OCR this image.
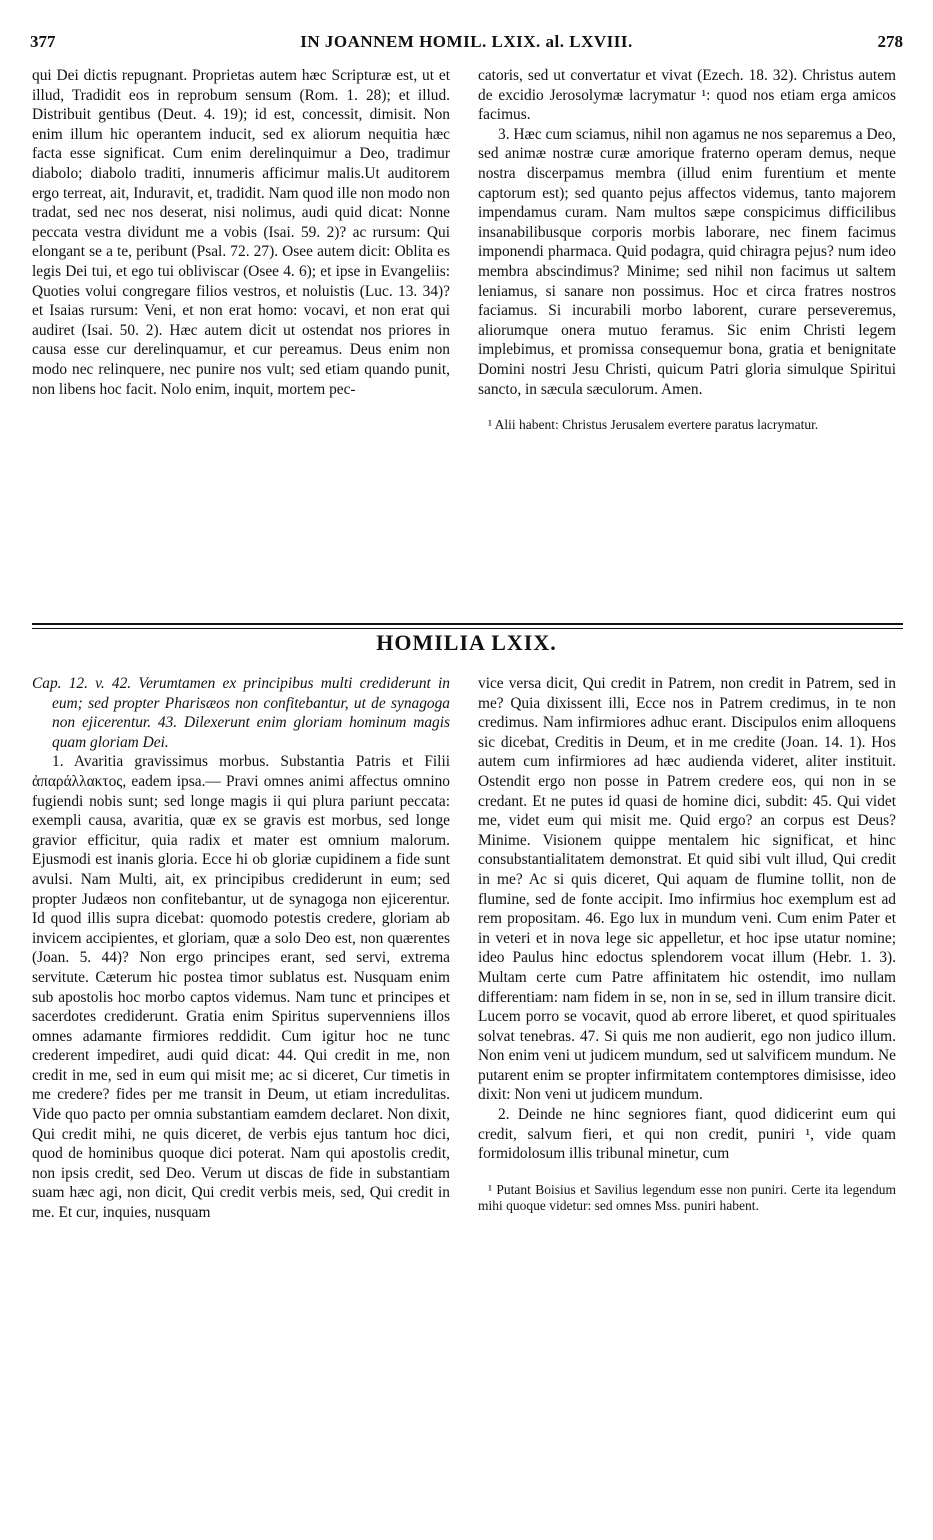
377	IN JOANNEM HOMIL. LXIX. al. LXVIII.	278

qui Dei dictis repugnant. Proprietas autem hæc Scripturæ est, ut et illud, Tradidit eos in reprobum sensum (Rom. 1. 28); et illud. Distribuit gentibus (Deut. 4. 19); id est, concessit, dimisit. Non enim illum hic operantem inducit, sed ex aliorum nequitia hæc facta esse significat. Cum enim derelinquimur a Deo, tradimur diabolo; diabolo traditi, innumeris afficimur malis.Ut auditorem ergo terreat, ait, Induravit, et, tradidit. Nam quod ille non modo non tradat, sed nec nos deserat, nisi nolimus, audi quid dicat: Nonne peccata vestra dividunt me a vobis (Isai. 59. 2)? ac rursum: Qui elongant se a te, peribunt (Psal. 72. 27). Osee autem dicit: Oblita es legis Dei tui, et ego tui obliviscar (Osee 4. 6); et ipse in Evangeliis: Quoties volui congregare filios vestros, et noluistis (Luc. 13. 34)? et Isaias rursum: Veni, et non erat homo: vocavi, et non erat qui audiret (Isai. 50. 2). Hæc autem dicit ut ostendat nos priores in causa esse cur derelinquamur, et cur pereamus. Deus enim non modo nec relinquere, nec punire nos vult; sed etiam quando punit, non libens hoc facit. Nolo enim, inquit, mortem pec-

catoris, sed ut convertatur et vivat (Ezech. 18. 32). Christus autem de excidio Jerosolymæ lacrymatur ¹: quod nos etiam erga amicos facimus.

3. Hæc cum sciamus, nihil non agamus ne nos separemus a Deo, sed animæ nostræ curæ amorique fraterno operam demus, neque nostra discerpamus membra (illud enim furentium et mente captorum est); sed quanto pejus affectos videmus, tanto majorem impendamus curam. Nam multos sæpe conspicimus difficilibus insanabilibusque corporis morbis laborare, nec finem facimus imponendi pharmaca. Quid podagra, quid chiragra pejus? num ideo membra abscindimus? Minime; sed nihil non facimus ut saltem leniamus, si sanare non possimus. Hoc et circa fratres nostros faciamus. Si incurabili morbo laborent, curare perseveremus, aliorumque onera mutuo feramus. Sic enim Christi legem implebimus, et promissa consequemur bona, gratia et benignitate Domini nostri Jesu Christi, quicum Patri gloria simulque Spiritui sancto, in sæcula sæculorum. Amen.

¹ Alii habent: Christus Jerusalem evertere paratus lacrymatur.

HOMILIA LXIX.

Cap. 12. v. 42. Verumtamen ex principibus multi crediderunt in eum; sed propter Pharisæos non confitebantur, ut de synagoga non ejicerentur. 43. Dilexerunt enim gloriam hominum magis quam gloriam Dei.

1. Avaritia gravissimus morbus. Substantia Patris et Filii ἀπαράλλακτος, eadem ipsa.— Pravi omnes animi affectus omnino fugiendi nobis sunt; sed longe magis ii qui plura pariunt peccata: exempli causa, avaritia, quæ ex se gravis est morbus, sed longe gravior efficitur, quia radix et mater est omnium malorum. Ejusmodi est inanis gloria. Ecce hi ob gloriæ cupidinem a fide sunt avulsi. Nam Multi, ait, ex principibus crediderunt in eum; sed propter Judæos non confitebantur, ut de synagoga non ejicerentur. Id quod illis supra dicebat: quomodo potestis credere, gloriam ab invicem accipientes, et gloriam, quæ a solo Deo est, non quærentes (Joan. 5. 44)? Non ergo principes erant, sed servi, extrema servitute. Cæterum hic postea timor sublatus est. Nusquam enim sub apostolis hoc morbo captos videmus. Nam tunc et principes et sacerdotes crediderunt. Gratia enim Spiritus supervenniens illos omnes adamante firmiores reddidit. Cum igitur hoc ne tunc crederent impediret, audi quid dicat: 44. Qui credit in me, non credit in me, sed in eum qui misit me; ac si diceret, Cur timetis in me credere? fides per me transit in Deum, ut etiam incredulitas. Vide quo pacto per omnia substantiam eamdem declaret. Non dixit, Qui credit mihi, ne quis diceret, de verbis ejus tantum hoc dici, quod de hominibus quoque dici poterat. Nam qui apostolis credit, non ipsis credit, sed Deo. Verum ut discas de fide in substantiam suam hæc agi, non dicit, Qui credit verbis meis, sed, Qui credit in me. Et cur, inquies, nusquam

vice versa dicit, Qui credit in Patrem, non credit in Patrem, sed in me? Quia dixissent illi, Ecce nos in Patrem credimus, in te non credimus. Nam infirmiores adhuc erant. Discipulos enim alloquens sic dicebat, Creditis in Deum, et in me credite (Joan. 14. 1). Hos autem cum infirmiores ad hæc audienda videret, aliter instituit. Ostendit ergo non posse in Patrem credere eos, qui non in se credant. Et ne putes id quasi de homine dici, subdit: 45. Qui videt me, videt eum qui misit me. Quid ergo? an corpus est Deus? Minime. Visionem quippe mentalem hic significat, et hinc consubstantialitatem demonstrat. Et quid sibi vult illud, Qui credit in me? Ac si quis diceret, Qui aquam de flumine tollit, non de flumine, sed de fonte accipit. Imo infirmius hoc exemplum est ad rem propositam. 46. Ego lux in mundum veni. Cum enim Pater et in veteri et in nova lege sic appelletur, et hoc ipse utatur nomine; ideo Paulus hinc edoctus splendorem vocat illum (Hebr. 1. 3). Multam certe cum Patre affinitatem hic ostendit, imo nullam differentiam: nam fidem in se, non in se, sed in illum transire dicit. Lucem porro se vocavit, quod ab errore liberet, et quod spirituales solvat tenebras. 47. Si quis me non audierit, ego non judico illum. Non enim veni ut judicem mundum, sed ut salvificem mundum. Ne putarent enim se propter infirmitatem contemptores dimisisse, ideo dixit: Non veni ut judicem mundum.

2. Deinde ne hinc segniores fiant, quod didicerint eum qui credit, salvum fieri, et qui non credit, puniri ¹, vide quam formidolosum illis tribunal minetur, cum

¹ Putant Boisius et Savilius legendum esse non puniri. Certe ita legendum mihi quoque videtur: sed omnes Mss. puniri habent.
